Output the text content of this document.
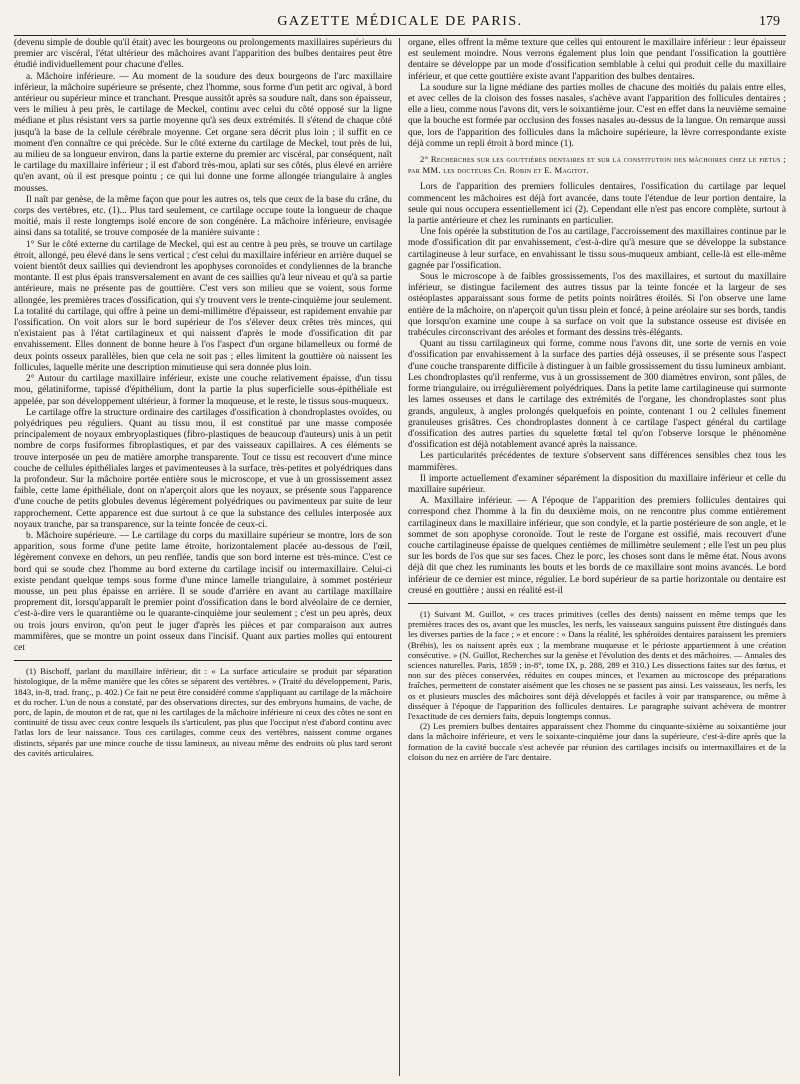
GAZETTE MÉDICALE DE PARIS.	179

(devenu simple de double qu'il était) avec les bourgeons ou prolongements maxillaires supérieurs du premier arc viscéral, l'état ultérieur des mâchoires avant l'apparition des bulbes dentaires peut être étudié individuellement pour chacune d'elles.

a. Mâchoire inférieure. — Au moment de la soudure des deux bourgeons de l'arc maxillaire inférieur, la mâchoire supérieure se présente, chez l'homme, sous forme d'un petit arc ogival, à bord antérieur ou supérieur mince et tranchant. Presque aussitôt après sa soudure naît, dans son épaisseur, vers le milieu à peu près, le cartilage de Meckel, continu avec celui du côté opposé sur la ligne médiane et plus résistant vers sa partie moyenne qu'à ses deux extrémités. Il s'étend de chaque côté jusqu'à la base de la cellule cérébrale moyenne. Cet organe sera décrit plus loin ; il suffit en ce moment d'en connaître ce qui précède. Sur le côté externe du cartilage de Meckel, tout près de lui, au milieu de sa longueur environ, dans la partie externe du premier arc viscéral, par conséquent, naît le cartilage du maxillaire inférieur ; il est d'abord très-mou, aplati sur ses côtés, plus élevé en arrière qu'en avant, où il est presque pointu ; ce qui lui donne une forme allongée triangulaire à angles mousses.

Il naît par genèse, de la même façon que pour les autres os, tels que ceux de la base du crâne, du corps des vertèbres, etc. (1)... Plus tard seulement, ce cartilage occupe toute la longueur de chaque moitié, mais il reste longtemps isolé encore de son congénère. La mâchoire inférieure, envisagée ainsi dans sa totalité, se trouve composée de la manière suivante :

1° Sur le côté externe du cartilage de Meckel, qui est au centre à peu près, se trouve un cartilage étroit, allongé, peu élevé dans le sens vertical ; c'est celui du maxillaire inférieur en arrière duquel se voient bientôt deux saillies qui deviendront les apophyses coronoïdes et condyliennes de la branche montante. Il est plus épais transversalement en avant de ces saillies qu'à leur niveau et qu'à sa partie antérieure, mais ne présente pas de gouttière. C'est vers son milieu que se voient, sous forme allongée, les premières traces d'ossification, qui s'y trouvent vers le trente-cinquième jour seulement. La totalité du cartilage, qui offre à peine un demi-millimètre d'épaisseur, est rapidement envahie par l'ossification. On voit alors sur le bord supérieur de l'os s'élever deux crêtes très minces, qui n'existaient pas à l'état cartilagineux et qui naissent d'après le mode d'ossification dit par envahissement. Elles donnent de bonne heure à l'os l'aspect d'un organe bilamelleux ou formé de deux points osseux parallèles, bien que cela ne soit pas ; elles limitent la gouttière où naissent les follicules, laquelle mérite une description minutieuse qui sera donnée plus loin.

2° Autour du cartilage maxillaire inférieur, existe une couche relativement épaisse, d'un tissu mou, gélatiniforme, tapissé d'épithélium, dont la partie la plus superficielle sous-épithéliale est appelée, par son développement ultérieur, à former la muqueuse, et le reste, le tissus sous-muqueux.

Le cartilage offre la structure ordinaire des cartilages d'ossification à chondroplastes ovoïdes, ou polyédriques peu réguliers. Quant au tissu mou, il est constitué par une masse composée principalement de noyaux embryoplastiques (fibro-plastiques de beaucoup d'auteurs) unis à un petit nombre de corps fusiformes fibroplastiques, et par des vaisseaux capillaires. A ces éléments se trouve interposée un peu de matière amorphe transparente. Tout ce tissu est recouvert d'une mince couche de cellules épithéliales larges et pavimenteuses à la surface, très-petites et polyédriques dans la profondeur. Sur la mâchoire portée entière sous le microscope, et vue à un grossissement assez faible, cette lame épithéliale, dont on n'aperçoit alors que les noyaux, se présente sous l'apparence d'une couche de petits globules devenus légèrement polyédriques ou pavimenteux par suite de leur rapprochement. Cette apparence est due surtout à ce que la substance des cellules interposée aux noyaux tranche, par sa transparence, sur la teinte foncée de ceux-ci.

b. Mâchoire supérieure. — Le cartilage du corps du maxillaire supérieur se montre, lors de son apparition, sous forme d'une petite lame étroite, horizontalement placée au-dessous de l'œil, légèrement convexe en dehors, un peu renflée, tandis que son bord interne est très-mince. C'est ce bord qui se soude chez l'homme au bord externe du cartilage incisif ou intermaxillaire. Celui-ci existe pendant quelque temps sous forme d'une mince lamelle triangulaire, à sommet postérieur mousse, un peu plus épaisse en arrière. Il se soude d'arrière en avant au cartilage maxillaire proprement dit, lorsqu'apparaît le premier point d'ossification dans le bord alvéolaire de ce dernier, c'est-à-dire vers le quarantième ou le quarante-cinquième jour seulement ; c'est un peu après, deux ou trois jours environ, qu'on peut le juger d'après les pièces et par comparaison aux autres mammifères, que se montre un point osseux dans l'incisif. Quant aux parties molles qui entourent cet

(1) Bischoff, parlant du maxillaire inférieur, dit : « La surface articulaire se produit par séparation histologique, de la même manière que les côtes se séparent des vertèbres. » (Traité du développement, Paris, 1843, in-8, trad. franç., p. 402.) Ce fait ne peut être considéré comme s'appliquant au cartilage de la mâchoire et du rocher. L'un de nous a constaté, par des observations directes, sur des embryons humains, de vache, de porc, de lapin, de mouton et de rat, que ni les cartilages de la mâchoire inférieure ni ceux des côtes ne sont en continuité de tissu avec ceux contre lesquels ils s'articulent, pas plus que l'occiput n'est d'abord continu avec l'atlas lors de leur naissance. Tous ces cartilages, comme ceux des vertèbres, naissent comme organes distincts, séparés par une mince couche de tissu lamineux, au niveau même des endroits où plus tard seront des cavités articulaires.

organe, elles offrent la même texture que celles qui entourent le maxillaire inférieur : leur épaisseur est seulement moindre. Nous verrons également plus loin que pendant l'ossification la gouttière dentaire se développe par un mode d'ossification semblable à celui qui produit celle du maxillaire inférieur, et que cette gouttière existe avant l'apparition des bulbes dentaires.

La soudure sur la ligne médiane des parties molles de chacune des moitiés du palais entre elles, et avec celles de la cloison des fosses nasales, s'achève avant l'apparition des follicules dentaires ; elle a lieu, comme nous l'avons dit, vers le soixantième jour. C'est en effet dans la neuvième semaine que la bouche est formée par occlusion des fosses nasales au-dessus de la langue. On remarque aussi que, lors de l'apparition des follicules dans la mâchoire supérieure, la lèvre correspondante existe déjà comme un repli étroit à bord mince (1).

2° Recherches sur les gouttières dentaires et sur la constitution des mâchoires chez le fœtus ; par MM. les docteurs Ch. Robin et E. Magitot.

Lors de l'apparition des premiers follicules dentaires, l'ossification du cartilage par lequel commencent les mâchoires est déjà fort avancée, dans toute l'étendue de leur portion dentaire, la seule qui nous occupera essentiellement ici (2). Cependant elle n'est pas encore complète, surtout à la partie antérieure et chez les ruminants en particulier.

Une fois opérée la substitution de l'os au cartilage, l'accroissement des maxillaires continue par le mode d'ossification dit par envahissement, c'est-à-dire qu'à mesure que se développe la substance cartilagineuse à leur surface, en envahissant le tissu sous-muqueux ambiant, celle-là est elle-même gagnée par l'ossification.

Sous le microscope à de faibles grossissements, l'os des maxillaires, et surtout du maxillaire inférieur, se distingue facilement des autres tissus par la teinte foncée et la largeur de ses ostéoplastes apparaissant sous forme de petits points noirâtres étoilés. Si l'on observe une lame entière de la mâchoire, on n'aperçoit qu'un tissu plein et foncé, à peine aréolaire sur ses bords, tandis que lorsqu'on examine une coupe à sa surface on voit que la substance osseuse est divisée en trabécules circonscrivant des aréoles et formant des dessins très-élégants.

Quant au tissu cartilagineux qui forme, comme nous l'avons dit, une sorte de vernis en voie d'ossification par envahissement à la surface des parties déjà osseuses, il se présente sous l'aspect d'une couche transparente difficile à distinguer à un faible grossissement du tissu lumineux ambiant. Les chondroplastes qu'il renferme, vus à un grossissement de 300 diamètres environ, sont pâles, de forme triangulaire, ou irrégulièrement polyédriques. Dans la petite lame cartilagineuse qui surmonte les lames osseuses et dans le cartilage des extrémités de l'organe, les chondroplastes sont plus grands, anguleux, à angles prolongés quelquefois en pointe, contenant 1 ou 2 cellules finement granuleuses grisâtres. Ces chondroplastes donnent à ce cartilage l'aspect général du cartilage d'ossification des autres parties du squelette fœtal tel qu'on l'observe lorsque le phénomène d'ossification est déjà notablement avancé après la naissance.

Les particularités précédentes de texture s'observent sans différences sensibles chez tous les mammifères.

Il importe actuellement d'examiner séparément la disposition du maxillaire inférieur et celle du maxillaire supérieur.

A. Maxillaire inférieur. — A l'époque de l'apparition des premiers follicules dentaires qui correspond chez l'homme à la fin du deuxième mois, on ne rencontre plus comme entièrement cartilagineux dans le maxillaire inférieur, que son condyle, et la partie postérieure de son angle, et le sommet de son apophyse coronoïde. Tout le reste de l'organe est ossifié, mais recouvert d'une couche cartilagineuse épaisse de quelques centièmes de millimètre seulement ; elle l'est un peu plus sur les bords de l'os que sur ses faces. Chez le porc, les choses sont dans le même état. Nous avons déjà dit que chez les ruminants les bouts et les bords de ce maxillaire sont moins avancés. Le bord inférieur de ce dernier est mince, régulier. Le bord supérieur de sa partie horizontale ou dentaire est creusé en gouttière ; aussi en réalité est-il

(1) Suivant M. Guillot, « ces traces primitives (celles des dents) naissent en même temps que les premières traces des os, avant que les muscles, les nerfs, les vaisseaux sanguins puissent être distingués dans les diverses parties de la face ; » et encore : « Dans la réalité, les sphéroïdes dentaires paraissent les premiers (Brébis), les os naissent après eux ; la membrane muqueuse et le périoste appartiennent à une création consécutive. » (N. Guillot, Recherches sur la genèse et l'évolution des dents et des mâchoires. — Annales des sciences naturelles. Paris, 1859 ; in-8°, tome IX, p. 288, 289 et 310.) Les dissections faites sur des fœtus, et non sur des pièces conservées, réduites en coupes minces, et l'examen au microscope des préparations fraîches, permettent de constater aisément que les choses ne se passent pas ainsi. Les vaisseaux, les nerfs, les os et plusieurs muscles des mâchoires sont déjà développés et faciles à voir par transparence, ou même à disséquer à l'époque de l'apparition des follicules dentaires. Le paragraphe suivant achèvera de montrer l'exactitude de ces derniers faits, depuis longtemps connus.

(2) Les premiers bulbes dentaires apparaissent chez l'homme du cinquante-sixième au soixantième jour dans la mâchoire inférieure, et vers le soixante-cinquième jour dans la supérieure, c'est-à-dire après que la formation de la cavité buccale s'est achevée par réunion des cartilages incisifs ou intermaxillaires et de la cloison du nez en arrière de l'arc dentaire.
